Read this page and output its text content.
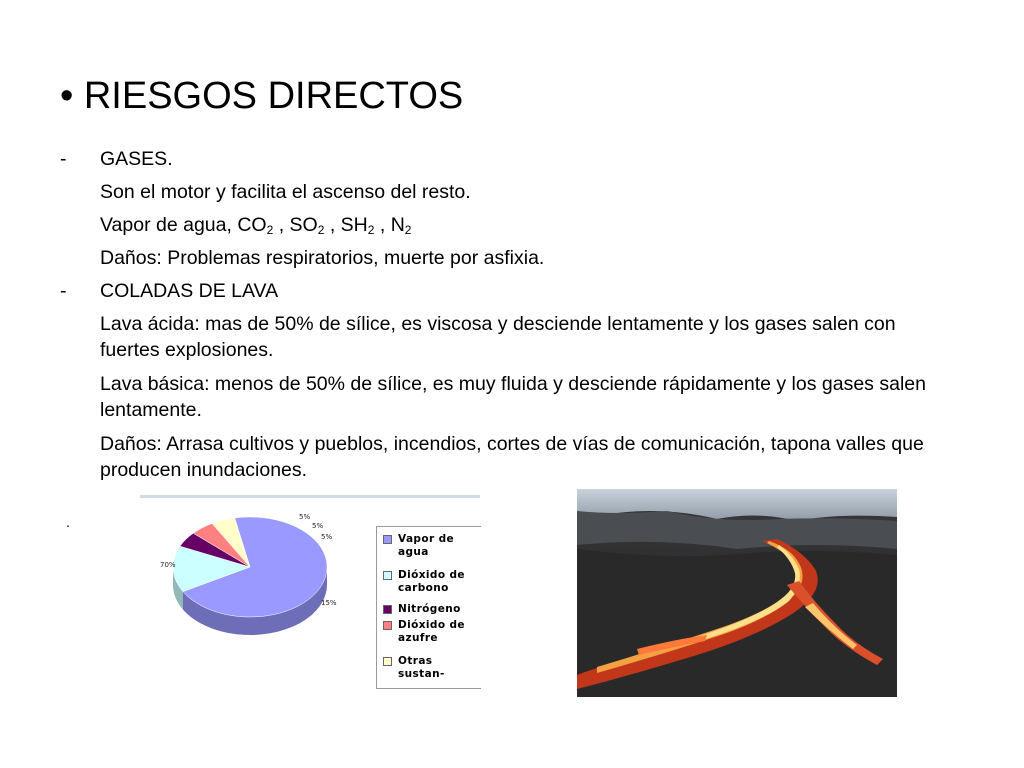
• RIESGOS DIRECTOS
- GASES.
Son el motor y facilita el ascenso del resto.
Vapor de agua, $CO_2$ , $SO_2$ , $SH_2$ , $N_2$
Daños: Problemas respiratorios, muerte por asfixia.
- COLADAS DE LAVA
Lava ácida: mas de 50% de sílice, es viscosa y desciende lentamente y los gases salen con fuertes explosiones.
Lava básica: menos de 50% de sílice, es muy fluida y desciende rápidamente y los gases salen lentamente.
Daños: Arrasa cultivos y pueblos, incendios, cortes de vías de comunicación, tapona valles que producen inundaciones.
.
70%
15%
5%
5%
5%
Vapor de
agua
Dióxido de
carbono
Nitrógeno
Dióxido de
azufre
Otras
sustan-
